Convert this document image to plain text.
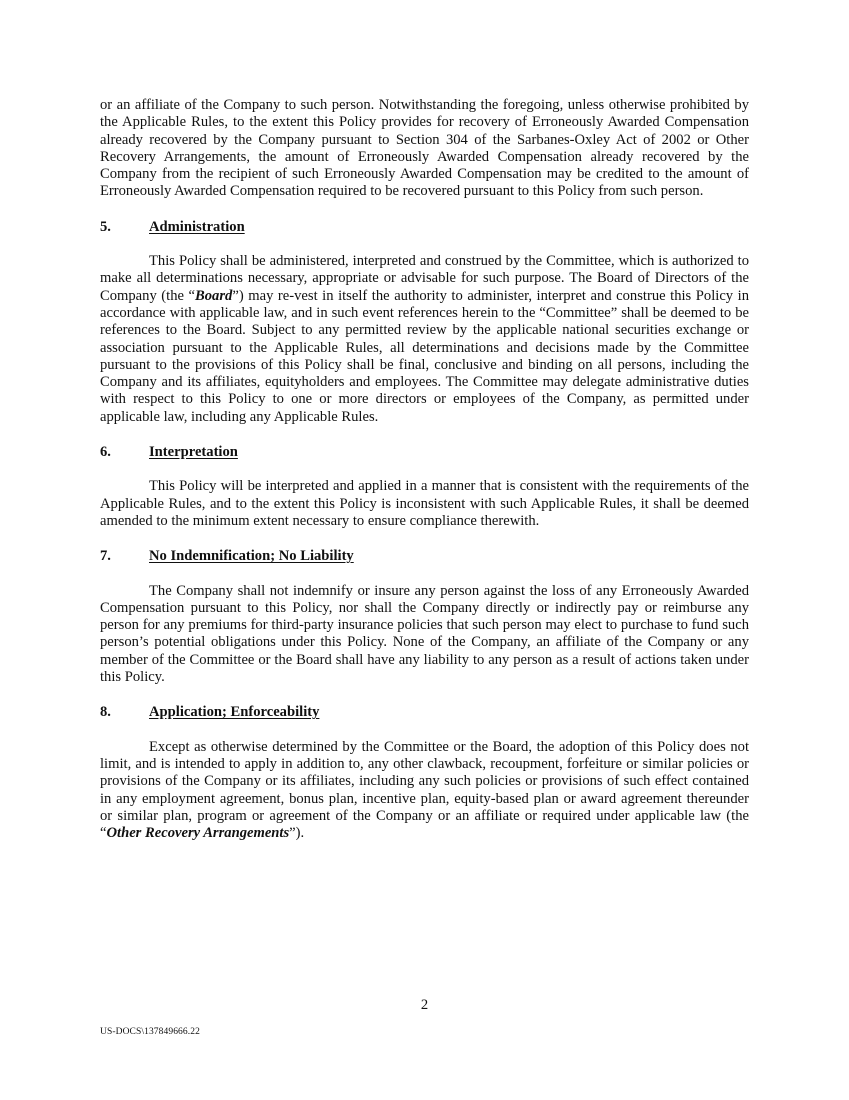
or an affiliate of the Company to such person. Notwithstanding the foregoing, unless otherwise prohibited by the Applicable Rules, to the extent this Policy provides for recovery of Erroneously Awarded Compensation already recovered by the Company pursuant to Section 304 of the Sarbanes-Oxley Act of 2002 or Other Recovery Arrangements, the amount of Erroneously Awarded Compensation already recovered by the Company from the recipient of such Erroneously Awarded Compensation may be credited to the amount of Erroneously Awarded Compensation required to be recovered pursuant to this Policy from such person.

5.	Administration

This Policy shall be administered, interpreted and construed by the Committee, which is authorized to make all determinations necessary, appropriate or advisable for such purpose. The Board of Directors of the Company (the “Board”) may re-vest in itself the authority to administer, interpret and construe this Policy in accordance with applicable law, and in such event references herein to the “Committee” shall be deemed to be references to the Board. Subject to any permitted review by the applicable national securities exchange or association pursuant to the Applicable Rules, all determinations and decisions made by the Committee pursuant to the provisions of this Policy shall be final, conclusive and binding on all persons, including the Company and its affiliates, equityholders and employees. The Committee may delegate administrative duties with respect to this Policy to one or more directors or employees of the Company, as permitted under applicable law, including any Applicable Rules.

6.	Interpretation

This Policy will be interpreted and applied in a manner that is consistent with the requirements of the Applicable Rules, and to the extent this Policy is inconsistent with such Applicable Rules, it shall be deemed amended to the minimum extent necessary to ensure compliance therewith.

7.	No Indemnification; No Liability

The Company shall not indemnify or insure any person against the loss of any Erroneously Awarded Compensation pursuant to this Policy, nor shall the Company directly or indirectly pay or reimburse any person for any premiums for third-party insurance policies that such person may elect to purchase to fund such person’s potential obligations under this Policy. None of the Company, an affiliate of the Company or any member of the Committee or the Board shall have any liability to any person as a result of actions taken under this Policy.

8.	Application; Enforceability

Except as otherwise determined by the Committee or the Board, the adoption of this Policy does not limit, and is intended to apply in addition to, any other clawback, recoupment, forfeiture or similar policies or provisions of the Company or its affiliates, including any such policies or provisions of such effect contained in any employment agreement, bonus plan, incentive plan, equity-based plan or award agreement thereunder or similar plan, program or agreement of the Company or an affiliate or required under applicable law (the “Other Recovery Arrangements”).

2
US-DOCS\137849666.22
